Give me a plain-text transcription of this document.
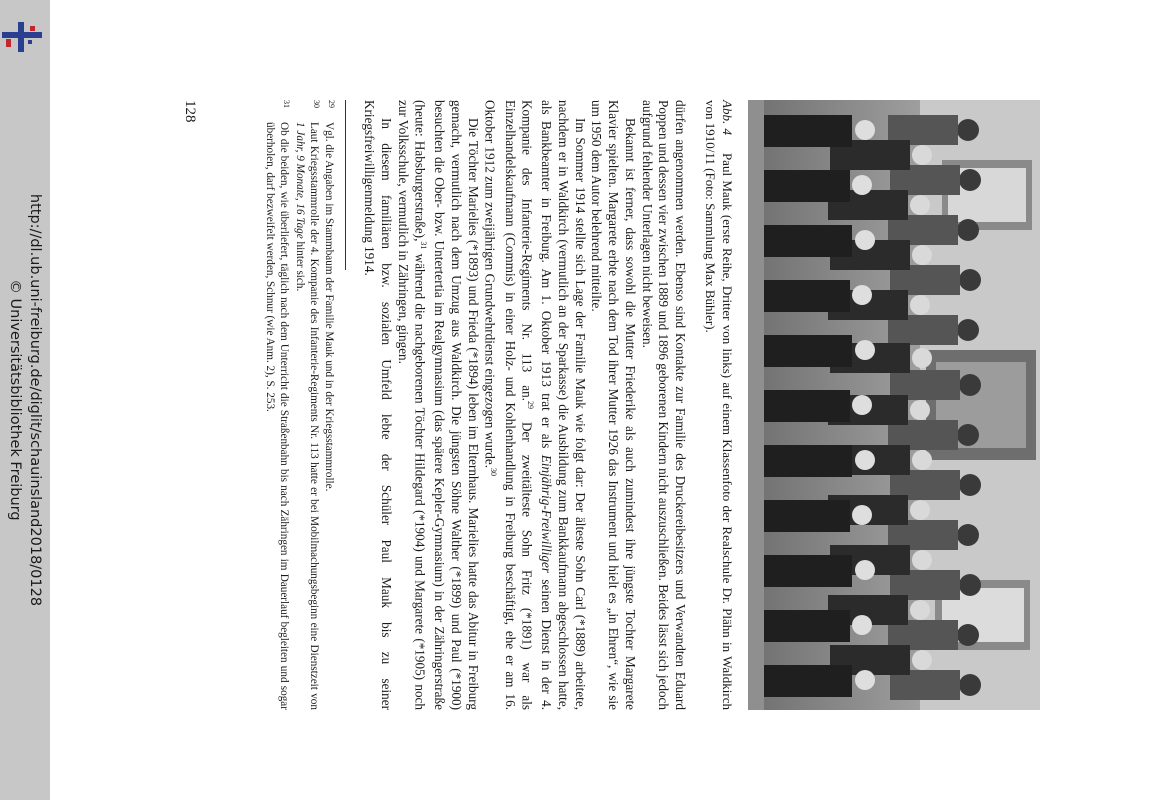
http://dl.ub.uni-freiburg.de/diglit/schauinsland2018/0128
© Universitätsbibliothek Freiburg
Abb. 4Paul Mauk (erste Reihe, Dritter von links) auf einem Klassenfoto der Realschule Dr. Plähn in Waldkirch von 1910/11 (Foto: Sammlung Max Bühler).

dürfen angenommen werden. Ebenso sind Kontakte zur Familie des Druckereibesitzers und Verwandten Eduard Poppen und dessen vier zwischen 1889 und 1896 geborenen Kindern nicht auszuschließen. Beides lässt sich jedoch aufgrund fehlender Unterlagen nicht beweisen.

Bekannt ist ferner, dass sowohl die Mutter Friederike als auch zumindest ihre jüngste Tochter Margarete Klavier spielten. Margarete erbte nach dem Tod ihrer Mutter 1926 das Instrument und hielt es „in Ehren“, wie sie um 1950 dem Autor belehrend mitteilte.

Im Sommer 1914 stellte sich Lage der Familie Mauk wie folgt dar: Der älteste Sohn Carl (*1889) arbeitete, nachdem er in Waldkirch (vermutlich an der Sparkasse) die Ausbildung zum Bankkaufmann abgeschlossen hatte, als Bankbeamter in Freiburg. Am 1. Oktober 1913 trat er als Einjährig-Freiwilliger seinen Dienst in der 4. Kompanie des Infanterie-Regiments Nr. 113 an.$^{29}$ Der zweitälteste Sohn Fritz (*1891) war als Einzelhandelskaufmann (Commis) in einer Holz- und Kohlenhandlung in Freiburg beschäftigt, ehe er am 16. Oktober 1912 zum zweijährigen Grundwehrdienst eingezogen wurde.$^{30}$

Die Töchter Marielies (*1893) und Frieda (*1894) leben im Elternhaus. Marielies hatte das Abitur in Freiburg gemacht, vermutlich nach dem Umzug aus Waldkirch. Die jüngsten Söhne Walther (*1899) und Paul (*1900) besuchten die Ober- bzw. Untertertia im Realgymnasium (das spätere Kepler-Gymnasium) in der Zähringerstraße (heute: Habsburgerstraße),$^{31}$ während die nachgeborenen Töchter Hildegard (*1904) und Margarete (*1905) noch zur Volksschule, vermutlich in Zähringen, gingen.

In diesem familiären bzw. sozialen Umfeld lebte der Schüler Paul Mauk bis zu seiner Kriegsfreiwilligenmeldung 1914.

29
Vgl. die Angaben im Stammbaum der Familie Mauk und in der Kriegsstammrolle.

30
Laut Kriegsstammrolle der 4. Kompanie des Infanterie-Regiments Nr. 113 hatte er bei Mobilmachungsbeginn eine Dienstzeit von 1 Jahr, 9 Monate, 16 Tage hinter sich.

31
Ob die beiden, wie überliefert, täglich nach dem Unterricht die Straßenbahn bis nach Zähringen im Dauerlauf begleiten und sogar überholen, darf bezweifelt werden, Schnur (wie Anm. 2), S. 253.

128
